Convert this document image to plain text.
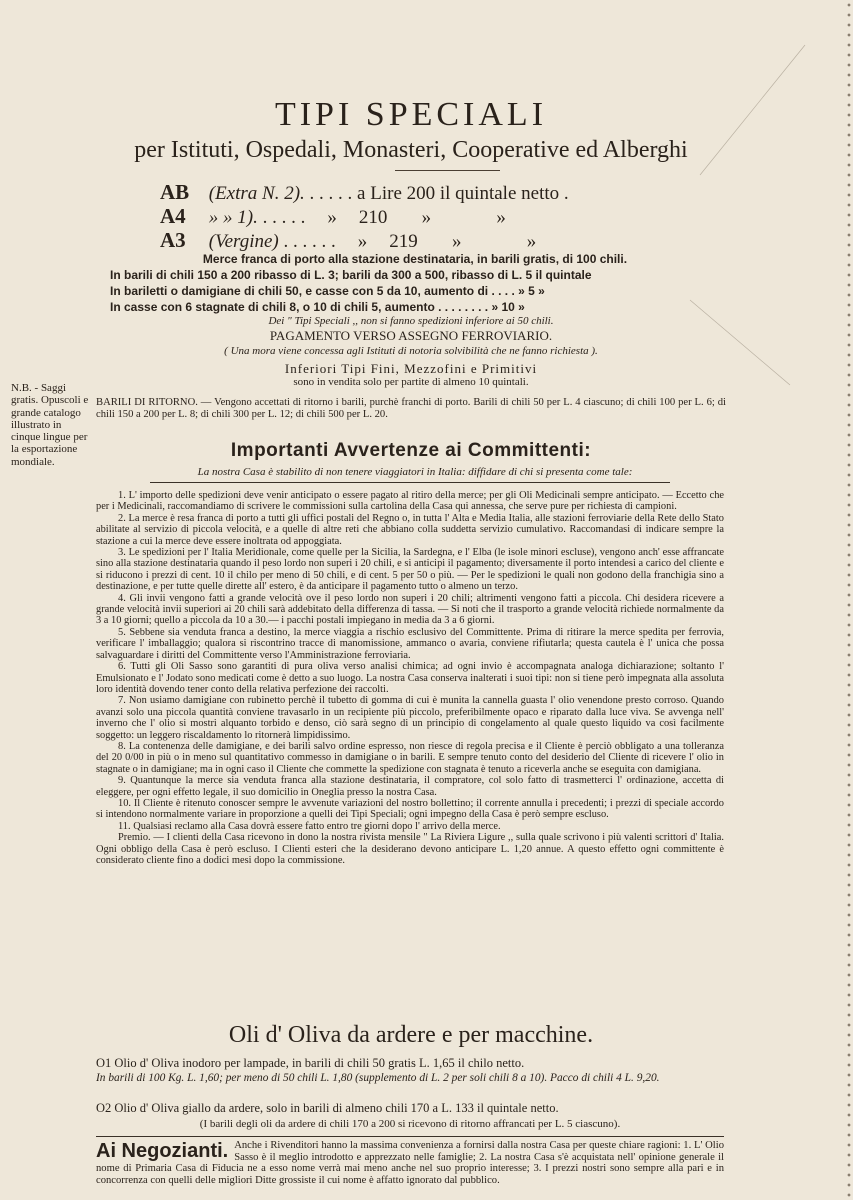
TIPI SPECIALI
per Istituti, Ospedali, Monasteri, Cooperative ed Alberghi
AB (Extra N. 2). . . . . . a Lire 200 il quintale netto .
A4 » » 1). . . . . . » 210 »	»
A3 (Vergine) . . . . . . » 219 »	»
Merce franca di porto alla stazione destinataria, in barili gratis, di 100 chili.
In barili di chili 150 a 200 ribasso di L. 3; barili da 300 a 500, ribasso di L. 5 il quintale
In bariletti o damigiane di chili 50, e casse con 5 da 10, aumento di . . . . » 5 »
In casse con 6 stagnate di chili 8, o 10 di chili 5, aumento . . . . . . . . » 10 »
Dei " Tipi Speciali ,, non si fanno spedizioni inferiore ai 50 chili.
PAGAMENTO VERSO ASSEGNO FERROVIARIO.
( Una mora viene concessa agli Istituti di notoria solvibilità che ne fanno richiesta ).
Inferiori Tipi Fini, Mezzofini e Primitivi
sono in vendita solo per partite di almeno 10 quintali.
N.B. - Saggi gratis. Opuscoli e grande catalogo illustrato in cinque lingue per la esportazione mondiale.
BARILI DI RITORNO. — Vengono accettati di ritorno i barili, purchè franchi di porto. Barili di chili 50 per L. 4 ciascuno; di chili 100 per L. 6; di chili 150 a 200 per L. 8; di chili 300 per L. 12; di chili 500 per L. 20.
Importanti Avvertenze ai Committenti:
La nostra Casa è stabilito di non tenere viaggiatori in Italia: diffidare di chi si presenta come tale:

1. L' importo delle spedizioni deve venir anticipato o essere pagato al ritiro della merce; per gli Oli Medicinali sempre anticipato. — Eccetto che per i Medicinali, raccomandiamo di scrivere le commissioni sulla cartolina della Casa qui annessa, che serve pure per richiesta di campioni.

2. La merce è resa franca di porto a tutti gli uffici postali del Regno o, in tutta l' Alta e Media Italia, alle stazioni ferroviarie della Rete dello Stato abilitate al servizio di piccola velocità, e a quelle di altre reti che abbiano colla suddetta servizio cumulativo. Raccomandasi di indicare sempre la stazione a cui la merce deve essere inoltrata od appoggiata.

3. Le spedizioni per l' Italia Meridionale, come quelle per la Sicilia, la Sardegna, e l' Elba (le isole minori escluse), vengono anch' esse affrancate sino alla stazione destinataria quando il peso lordo non superi i 20 chili, e si anticipi il pagamento; diversamente il porto intendesi a carico del cliente e si riducono i prezzi di cent. 10 il chilo per meno di 50 chili, e di cent. 5 per 50 o più. — Per le spedizioni le quali non godono della franchigia sino a destinazione, e per tutte quelle dirette all' estero, è da anticipare il pagamento tutto o almeno un terzo.

4. Gli invii vengono fatti a grande velocità ove il peso lordo non superi i 20 chili; altrimenti vengono fatti a piccola. Chi desidera ricevere a grande velocità invii superiori ai 20 chili sarà addebitato della differenza di tassa. — Si noti che il trasporto a grande velocità richiede normalmente da 3 a 10 giorni; quello a piccola da 10 a 30.— i pacchi postali impiegano in media da 3 a 6 giorni.

5. Sebbene sia venduta franca a destino, la merce viaggia a rischio esclusivo del Committente. Prima di ritirare la merce spedita per ferrovia, verificare l' imballaggio; qualora si riscontrino tracce di manomissione, ammanco o avaria, conviene rifiutarla; questa cautela è l' unica che possa salvaguardare i diritti del Committente verso l'Amministrazione ferroviaria.

6. Tutti gli Oli Sasso sono garantiti di pura oliva verso analisi chimica; ad ogni invio è accompagnata analoga dichiarazione; soltanto l' Emulsionato e l' Jodato sono medicati come è detto a suo luogo. La nostra Casa conserva inalterati i suoi tipi: non si tiene però impegnata alla assoluta loro identità dovendo tener conto della relativa perfezione dei raccolti.

7. Non usiamo damigiane con rubinetto perchè il tubetto di gomma di cui è munita la cannella guasta l' olio venendone presto corroso. Quando avanzi solo una piccola quantità conviene travasarlo in un recipiente più piccolo, preferibilmente opaco e riparato dalla luce viva. Se avvenga nell' inverno che l' olio si mostri alquanto torbido e denso, ciò sarà segno di un principio di congelamento al quale questo liquido va così facilmente soggetto: un leggero riscaldamento lo ritornerà limpidissimo.

8. La contenenza delle damigiane, e dei barili salvo ordine espresso, non riesce di regola precisa e il Cliente è perciò obbligato a una tolleranza del 20 0/00 in più o in meno sul quantitativo commesso in damigiane o in barili. E sempre tenuto conto del desiderio del Cliente di ricevere l' olio in stagnate o in damigiane; ma in ogni caso il Cliente che commette la spedizione con stagnata è tenuto a riceverla anche se eseguita con damigiana.

9. Quantunque la merce sia venduta franca alla stazione destinataria, il compratore, col solo fatto di trasmetterci l' ordinazione, accetta di eleggere, per ogni effetto legale, il suo domicilio in Oneglia presso la nostra Casa.

10. Il Cliente è ritenuto conoscer sempre le avvenute variazioni del nostro bollettino; il corrente annulla i precedenti; i prezzi di speciale accordo si intendono normalmente variare in proporzione a quelli dei Tipi Speciali; ogni impegno della Casa è però sempre escluso.

11. Qualsiasi reclamo alla Casa dovrà essere fatto entro tre giorni dopo l' arrivo della merce.

Premio. — I clienti della Casa ricevono in dono la nostra rivista mensile " La Riviera Ligure ,, sulla quale scrivono i più valenti scrittori d' Italia. Ogni obbligo della Casa è però escluso. I Clienti esteri che la desiderano devono anticipare L. 1,20 annue. A questo effetto ogni committente è considerato cliente fino a dodici mesi dopo la commissione.

Oli d' Oliva da ardere e per macchine.
O1 Olio d' Oliva inodoro per lampade, in barili di chili 50 gratis L. 1,65 il chilo netto.
In barili di 100 Kg. L. 1,60; per meno di 50 chili L. 1,80 (supplemento di L. 2 per soli chili 8 a 10). Pacco di chili 4 L. 9,20.
O2 Olio d' Oliva giallo da ardere, solo in barili di almeno chili 170 a L. 133 il quintale netto.
(I barili degli oli da ardere di chili 170 a 200 si ricevono di ritorno affrancati per L. 5 ciascuno).
Ai Negozianti. Anche i Rivenditori hanno la massima convenienza a fornirsi dalla nostra Casa per queste chiare ragioni: 1. L' Olio Sasso è il meglio introdotto e apprezzato nelle famiglie; 2. La nostra Casa s'è acquistata nell' opinione generale il nome di Primaria Casa di Fiducia ne a esso nome verrà mai meno anche nel suo proprio interesse; 3. I prezzi nostri sono sempre alla pari e in concorrenza con quelli delle migliori Ditte grossiste il cui nome è affatto ignorato dal pubblico.
